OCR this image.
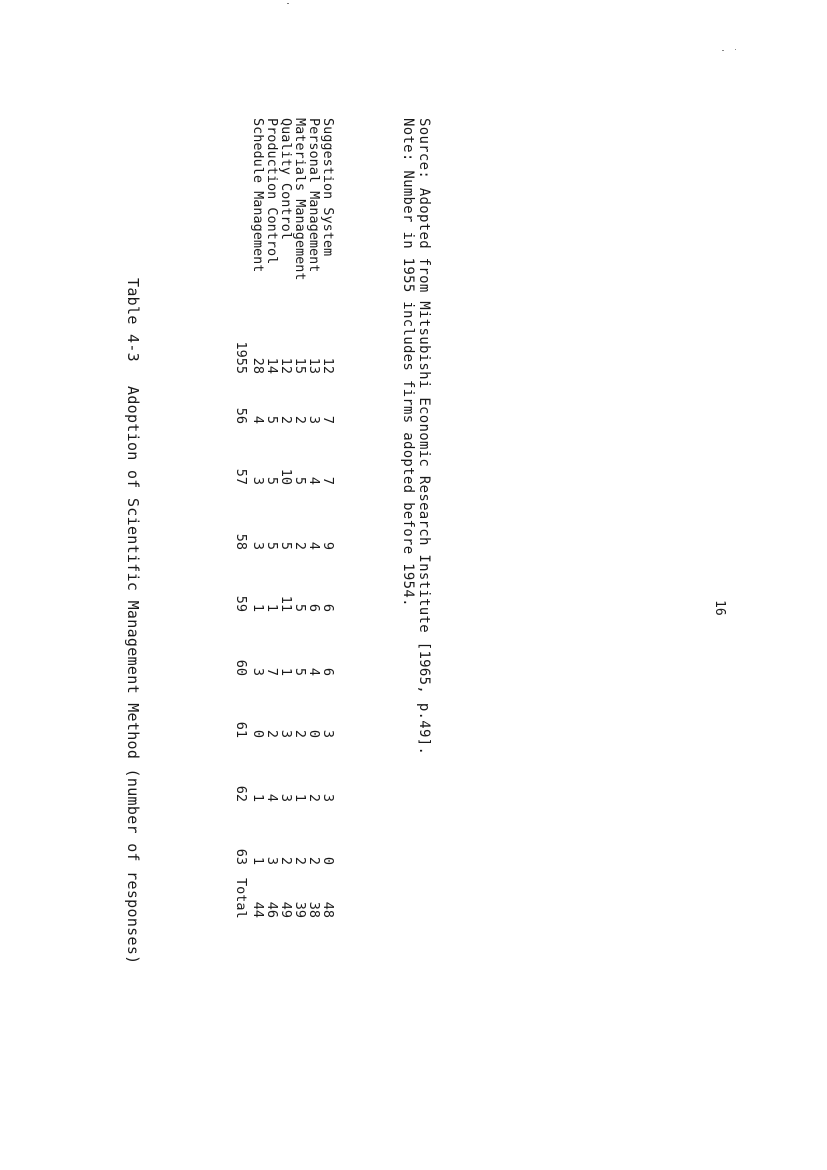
Table 4-3Adoption of Scientific Management Method (number of responses)
1955
56
57
58
59
60
61
62
63
Total
Schedule Management
28
4
3
3
1
3
0
1
1
44
Production Control
14
5
5
5
1
7
2
4
3
46
Quality Control
12
2
10
5
11
1
3
3
2
49
Materials Management
15
2
5
2
5
5
2
1
2
39
Personal Management
13
3
4
4
6
4
0
2
2
38
Suggestion System
12
7
7
9
6
6
3
3
0
48
Note: Number in 1955 includes firms adopted before 1954. Source: Adopted from Mitsubishi Economic Research Institute [1965, p.49].	16
